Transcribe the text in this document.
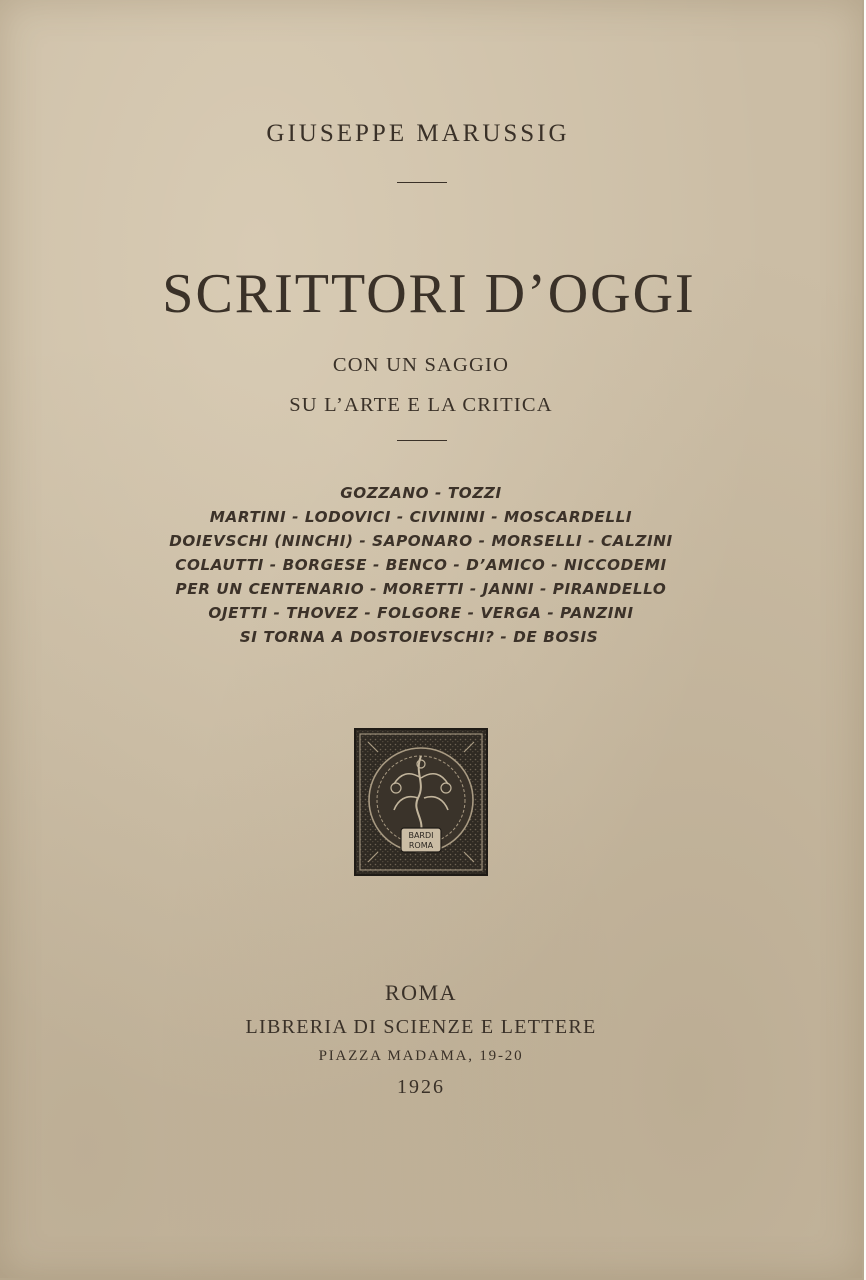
GIUSEPPE MARUSSIG
SCRITTORI D’OGGI
CON UN SAGGIO
SU L’ARTE E LA CRITICA
GOZZANO - TOZZI
MARTINI - LODOVICI - CIVININI - MOSCARDELLI
DOIEVSCHI (NINCHI) - SAPONARO - MORSELLI - CALZINI
COLAUTTI - BORGESE - BENCO - D’AMICO - NICCODEMI
PER UN CENTENARIO - MORETTI - JANNI - PIRANDELLO
OJETTI - THOVEZ - FOLGORE - VERGA - PANZINI
SI TORNA A DOSTOIEVSCHI? - DE BOSIS
BARDI
ROMA
ROMA
LIBRERIA DI SCIENZE E LETTERE
PIAZZA MADAMA, 19-20
1926
